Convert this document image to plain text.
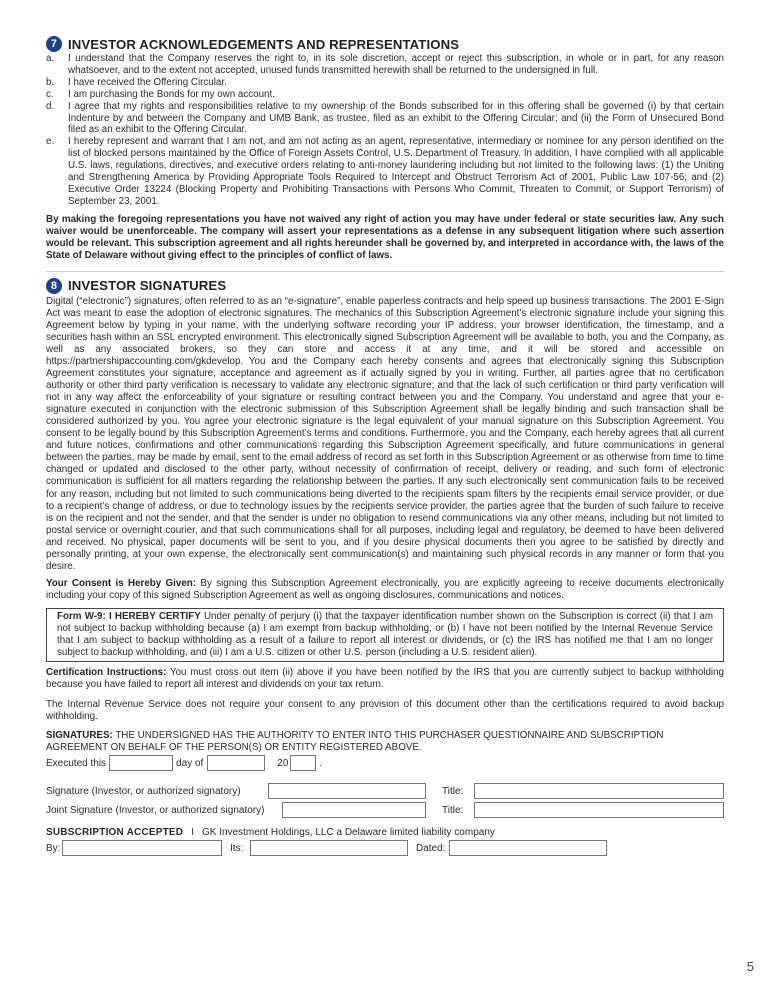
7 INVESTOR ACKNOWLEDGEMENTS AND REPRESENTATIONS
a.	I understand that the Company reserves the right to, in its sole discretion, accept or reject this subscription, in whole or in part, for any reason whatsoever, and to the extent not accepted, unused funds transmitted herewith shall be returned to the undersigned in full.
b.	I have received the Offering Circular.
c.	I am purchasing the Bonds for my own account.
d.	I agree that my rights and responsibilities relative to my ownership of the Bonds subscribed for in this offering shall be governed (i) by that certain Indenture by and between the Company and UMB Bank, as trustee, filed as an exhibit to the Offering Circular; and (ii) the Form of Unsecured Bond filed as an exhibit to the Offering Circular.
e.	I hereby represent and warrant that I am not, and am not acting as an agent, representative, intermediary or nominee for any person identified on the list of blocked persons maintained by the Office of Foreign Assets Control, U.S. Department of Treasury. In addition, I have complied with all applicable U.S. laws, regulations, directives, and executive orders relating to anti-money laundering including but not limited to the following laws: (1) the Uniting and Strengthening America by Providing Appropriate Tools Required to Intercept and Obstruct Terrorism Act of 2001, Public Law 107-56; and (2) Executive Order 13224 (Blocking Property and Prohibiting Transactions with Persons Who Commit, Threaten to Commit, or Support Terrorism) of September 23, 2001.

By making the foregoing representations you have not waived any right of action you may have under federal or state securities law. Any such waiver would be unenforceable. The company will assert your representations as a defense in any subsequent litigation where such assertion would be relevant. This subscription agreement and all rights hereunder shall be governed by, and interpreted in accordance with, the laws of the State of Delaware without giving effect to the principles of conflict of laws.

8 INVESTOR SIGNATURES

Digital (“electronic”) signatures, often referred to as an “e-signature”, enable paperless contracts and help speed up business transactions. The 2001 E-Sign Act was meant to ease the adoption of electronic signatures. The mechanics of this Subscription Agreement’s electronic signature include your signing this Agreement below by typing in your name, with the underlying software recording your IP address, your browser identification, the timestamp, and a securities hash within an SSL encrypted environment. This electronically signed Subscription Agreement will be available to both, you and the Company, as well as any associated brokers, so they can store and access it at any time, and it will be stored and accessible on https://partnershipaccounting.com/gkdevelop. You and the Company each hereby consents and agrees that electronically signing this Subscription Agreement constitutes your signature, acceptance and agreement as if actually signed by you in writing. Further, all parties agree that no certification authority or other third party verification is necessary to validate any electronic signature; and that the lack of such certification or third party verification will not in any way affect the enforceability of your signature or resulting contract between you and the Company. You understand and agree that your e-signature executed in conjunction with the electronic submission of this Subscription Agreement shall be legally binding and such transaction shall be considered authorized by you. You agree your electronic signature is the legal equivalent of your manual signature on this Subscription Agreement. You consent to be legally bound by this Subscription Agreement’s terms and conditions. Furthermore, you and the Company, each hereby agrees that all current and future notices, confirmations and other communications regarding this Subscription Agreement specifically, and future communications in general between the parties, may be made by email, sent to the email address of record as set forth in this Subscription Agreement or as otherwise from time to time changed or updated and disclosed to the other party, without necessity of confirmation of receipt, delivery or reading, and such form of electronic communication is sufficient for all matters regarding the relationship between the parties. If any such electronically sent communication fails to be received for any reason, including but not limited to such communications being diverted to the recipients spam filters by the recipients email service provider, or due to a recipient’s change of address, or due to technology issues by the recipients service provider, the parties agree that the burden of such failure to receive is on the recipient and not the sender, and that the sender is under no obligation to resend communications via any other means, including but not limited to postal service or overnight courier, and that such communications shall for all purposes, including legal and regulatory, be deemed to have been delivered and received. No physical, paper documents will be sent to you, and if you desire physical documents then you agree to be satisfied by directly and personally printing, at your own expense, the electronically sent communication(s) and maintaining such physical records in any manner or form that you desire.

Your Consent is Hereby Given: By signing this Subscription Agreement electronically, you are explicitly agreeing to receive documents electronically including your copy of this signed Subscription Agreement as well as ongoing disclosures, communications and notices.

Form W-9: I HEREBY CERTIFY Under penalty of perjury (i) that the taxpayer identification number shown on the Subscription is correct (ii) that I am not subject to backup withholding because (a) I am exempt from backup withholding, or (b) I have not been notified by the Internal Revenue Service that I am subject to backup withholding as a result of a failure to report all interest or dividends, or (c) the IRS has notified me that I am no longer subject to backup withholding, and (iii) I am a U.S. citizen or other U.S. person (including a U.S. resident alien).

Certification Instructions: You must cross out item (ii) above if you have been notified by the IRS that you are currently subject to backup withholding because you have failed to report all interest and dividends on your tax return.

The Internal Revenue Service does not require your consent to any provision of this document other than the certifications required to avoid backup withholding.

SIGNATURES: THE UNDERSIGNED HAS THE AUTHORITY TO ENTER INTO THIS PURCHASER QUESTIONNAIRE AND SUBSCRIPTION AGREEMENT ON BEHALF OF THE PERSON(S) OR ENTITY REGISTERED ABOVE.

Executed this	day of	20	.
Signature (Investor, or authorized signatory)	Title:
Joint Signature (Investor, or authorized signatory)	Title:
SUBSCRIPTION ACCEPTED I GK Investment Holdings, LLC a Delaware limited liability company
By:	Its:	Dated:
5
